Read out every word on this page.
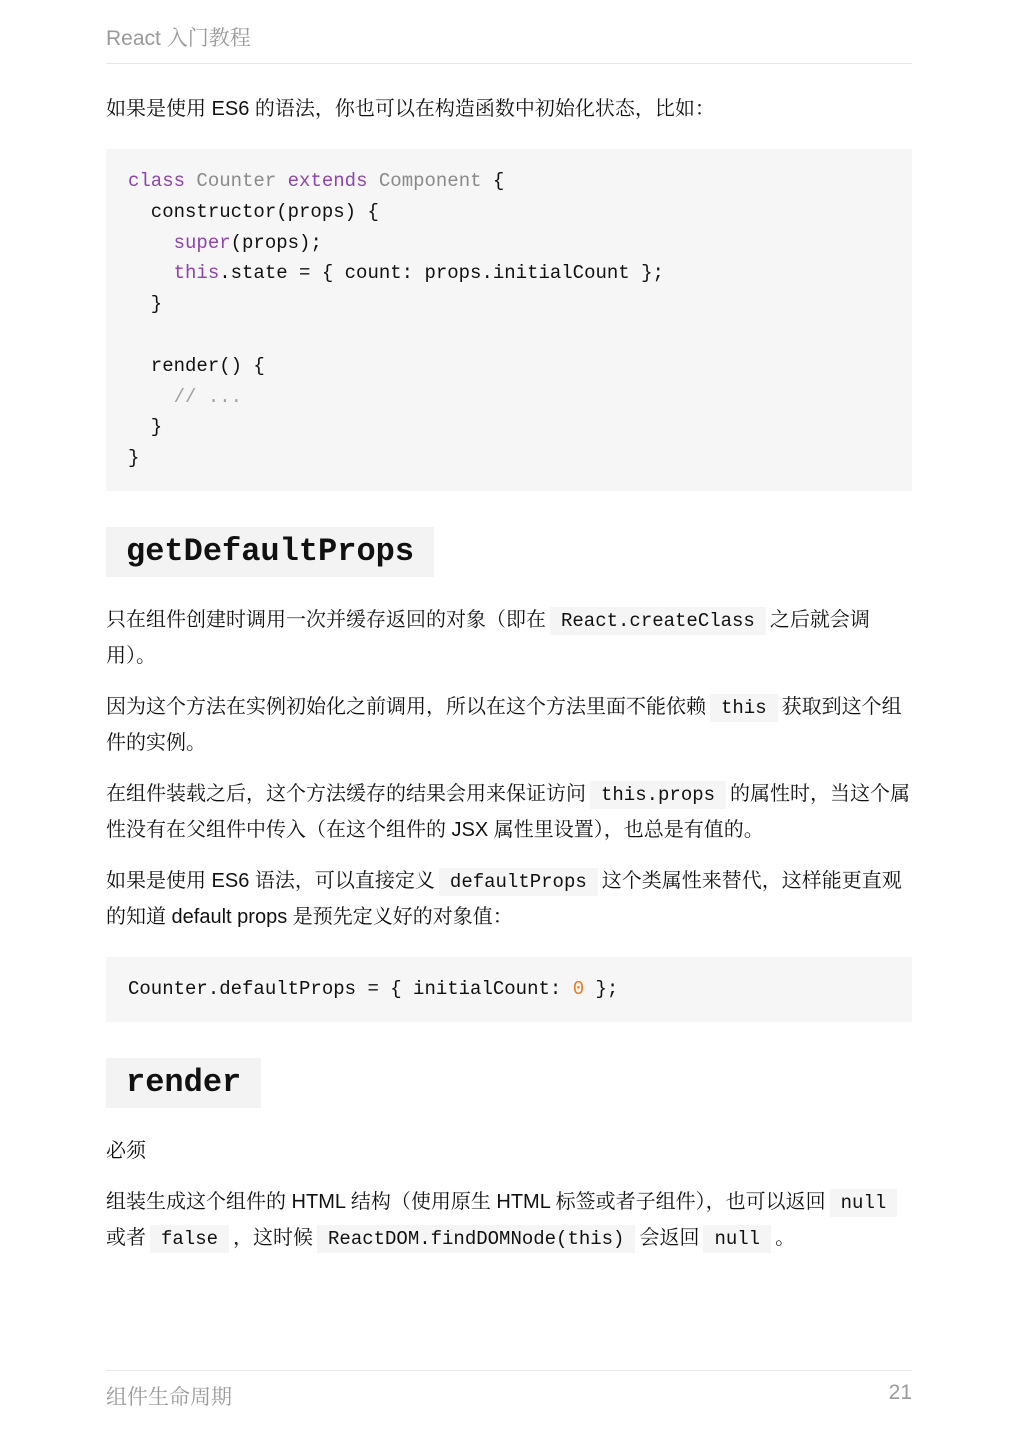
React 入门教程

如果是使用 ES6 的语法，你也可以在构造函数中初始化状态，比如：

class Counter extends Component {
constructor(props) {
super(props);
this.state = { count: props.initialCount };
}

render() {
// ...
}
}
getDefaultProps

只在组件创建时调用一次并缓存返回的对象（即在 React.createClass 之后就会调用）。

因为这个方法在实例初始化之前调用，所以在这个方法里面不能依赖 this 获取到这个组件的实例。

在组件装载之后，这个方法缓存的结果会用来保证访问 this.props 的属性时，当这个属性没有在父组件中传入（在这个组件的 JSX 属性里设置），也总是有值的。

如果是使用 ES6 语法，可以直接定义 defaultProps 这个类属性来替代，这样能更直观的知道 default props 是预先定义好的对象值：

Counter.defaultProps = { initialCount: 0 };
render

必须

组装生成这个组件的 HTML 结构（使用原生 HTML 标签或者子组件），也可以返回 null或者 false ，这时候 ReactDOM.findDOMNode(this) 会返回 null 。

组件生命周期	21
